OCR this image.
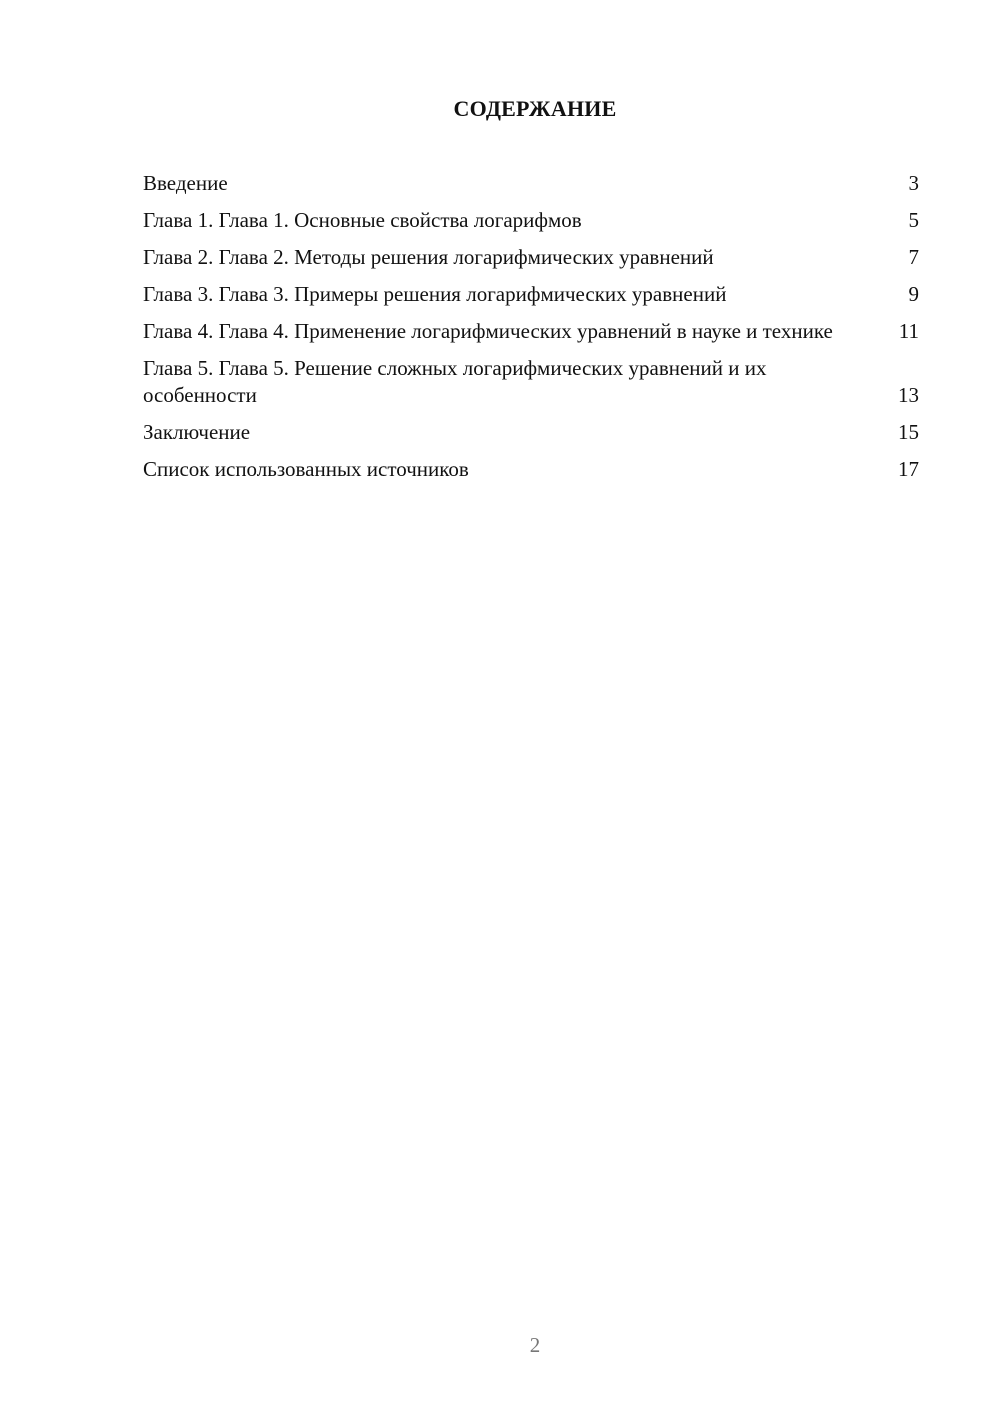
СОДЕРЖАНИЕ
Введение	3
Глава 1. Глава 1. Основные свойства логарифмов	5
Глава 2. Глава 2. Методы решения логарифмических уравнений	7
Глава 3. Глава 3. Примеры решения логарифмических уравнений	9
Глава 4. Глава 4. Применение логарифмических уравнений в науке и технике	11
Глава 5. Глава 5. Решение сложных логарифмических уравнений и их особенности	13
Заключение	15
Список использованных источников	17
2
